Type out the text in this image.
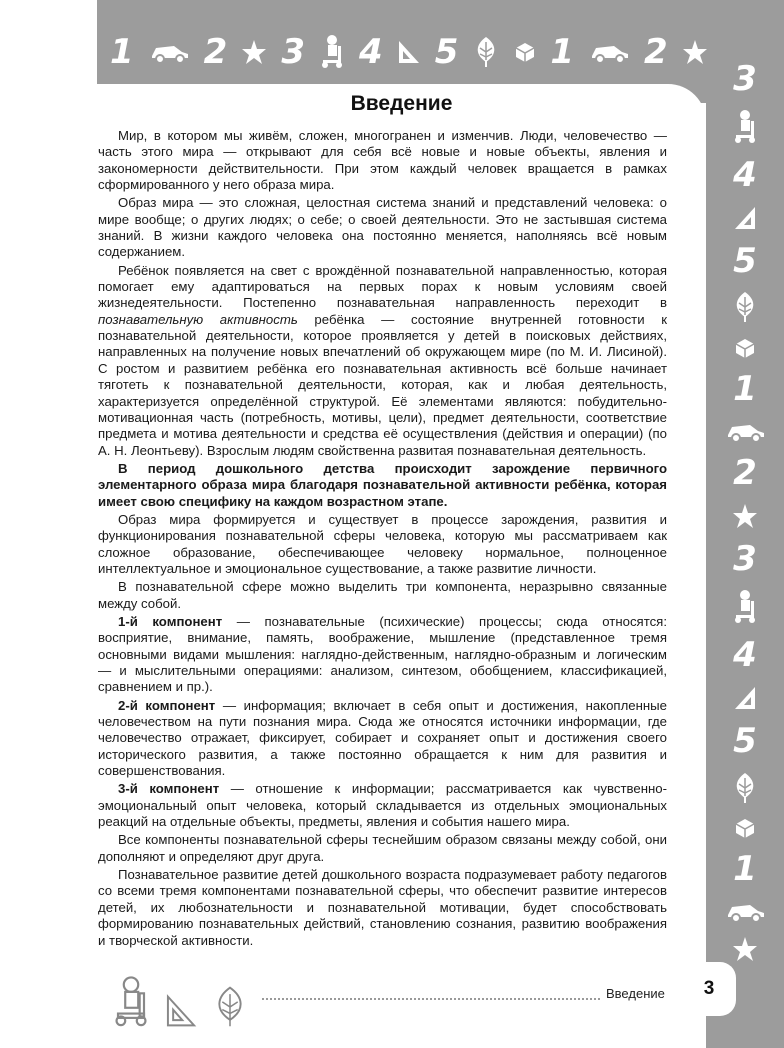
1 2 3 4 5	1 2
3
4
5
1
2
3
4
5
1
Введение

Мир, в котором мы живём, сложен, многогранен и изменчив. Люди, человечество — часть этого мира — открывают для себя всё новые и новые объекты, явления и закономерности действительности. При этом каждый человек вращается в рамках сформированного у него образа мира.

Образ мира — это сложная, целостная система знаний и представлений человека: о мире вообще; о других людях; о себе; о своей деятельности. Это не застывшая система знаний. В жизни каждого человека она постоянно меняется, наполняясь всё новым содержанием.

Ребёнок появляется на свет с врождённой познавательной направленностью, которая помогает ему адаптироваться на первых порах к новым условиям своей жизнедеятельности. Постепенно познавательная направленность переходит в познавательную активность ребёнка — состояние внутренней готовности к познавательной деятельности, которое проявляется у детей в поисковых действиях, направленных на получение новых впечатлений об окружающем мире (по М. И. Лисиной). С ростом и развитием ребёнка его познавательная активность всё больше начинает тяготеть к познавательной деятельности, которая, как и любая деятельность, характеризуется определённой структурой. Её элементами являются: побудительно-мотивационная часть (потребность, мотивы, цели), предмет деятельности, соответствие предмета и мотива деятельности и средства её осуществления (действия и операции) (по А. Н. Леонтьеву). Взрослым людям свойственна развитая познавательная деятельность.

В период дошкольного детства происходит зарождение первичного элементарного образа мира благодаря познавательной активности ребёнка, которая имеет свою специфику на каждом возрастном этапе.

Образ мира формируется и существует в процессе зарождения, развития и функционирования познавательной сферы человека, которую мы рассматриваем как сложное образование, обеспечивающее человеку нормальное, полноценное интеллектуальное и эмоциональное существование, а также развитие личности.

В познавательной сфере можно выделить три компонента, неразрывно связанные между собой.

1-й компонент — познавательные (психические) процессы; сюда относятся: восприятие, внимание, память, воображение, мышление (представленное тремя основными видами мышления: наглядно-действенным, наглядно-образным и логическим — и мыслительными операциями: анализом, синтезом, обобщением, классификацией, сравнением и пр.).

2-й компонент — информация; включает в себя опыт и достижения, накопленные человечеством на пути познания мира. Сюда же относятся источники информации, где человечество отражает, фиксирует, собирает и сохраняет опыт и достижения своего исторического развития, а также постоянно обращается к ним для развития и совершенствования.

3-й компонент — отношение к информации; рассматривается как чувственно-эмоциональный опыт человека, который складывается из отдельных эмоциональных реакций на отдельные объекты, предметы, явления и события нашего мира.

Все компоненты познавательной сферы теснейшим образом связаны между собой, они дополняют и определяют друг друга.

Познавательное развитие детей дошкольного возраста подразумевает работу педагогов со всеми тремя компонентами познавательной сферы, что обеспечит развитие интересов детей, их любознательности и познавательной мотивации, будет способствовать формированию познавательных действий, становлению сознания, развитию воображения и творческой активности.

Введение	3
